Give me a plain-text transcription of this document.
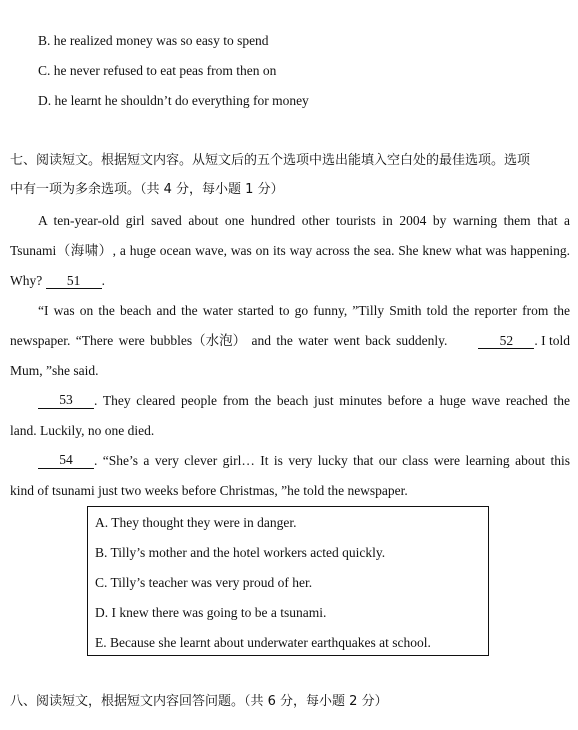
B. he realized money was so easy to spend
C. he never refused to eat peas from then on
D. he learnt he shouldn’t do everything for money
七、阅读短文。根据短文内容。从短文后的五个选项中选出能填入空白处的最佳选项。选项
中有一项为多余选项。（共 4 分，每小题 1 分）
A ten-year-old girl saved about one hundred other tourists in 2004 by warning them that a
Tsunami（海啸）, a huge ocean wave, was on its way across the sea. She knew what was happening.
Why? 51 .
“I was on the beach and the water started to go funny, ”Tilly Smith told the reporter from the
newspaper. “There were bubbles（水泡） and the water went back suddenly.	52 . I told
Mum, ”she said.
53	. They cleared people from the beach just minutes before a huge wave reached the
land. Luckily, no one died.
54	. “She’s a very clever girl… It is very lucky that our class were learning about this
kind of tsunami just two weeks before Christmas, ”he told the newspaper.
A. They thought they were in danger.
B. Tilly’s mother and the hotel workers acted quickly.
C. Tilly’s teacher was very proud of her.
D. I knew there was going to be a tsunami.
E. Because she learnt about underwater earthquakes at school.
八、阅读短文，根据短文内容回答问题。（共 6 分，每小题 2 分）
